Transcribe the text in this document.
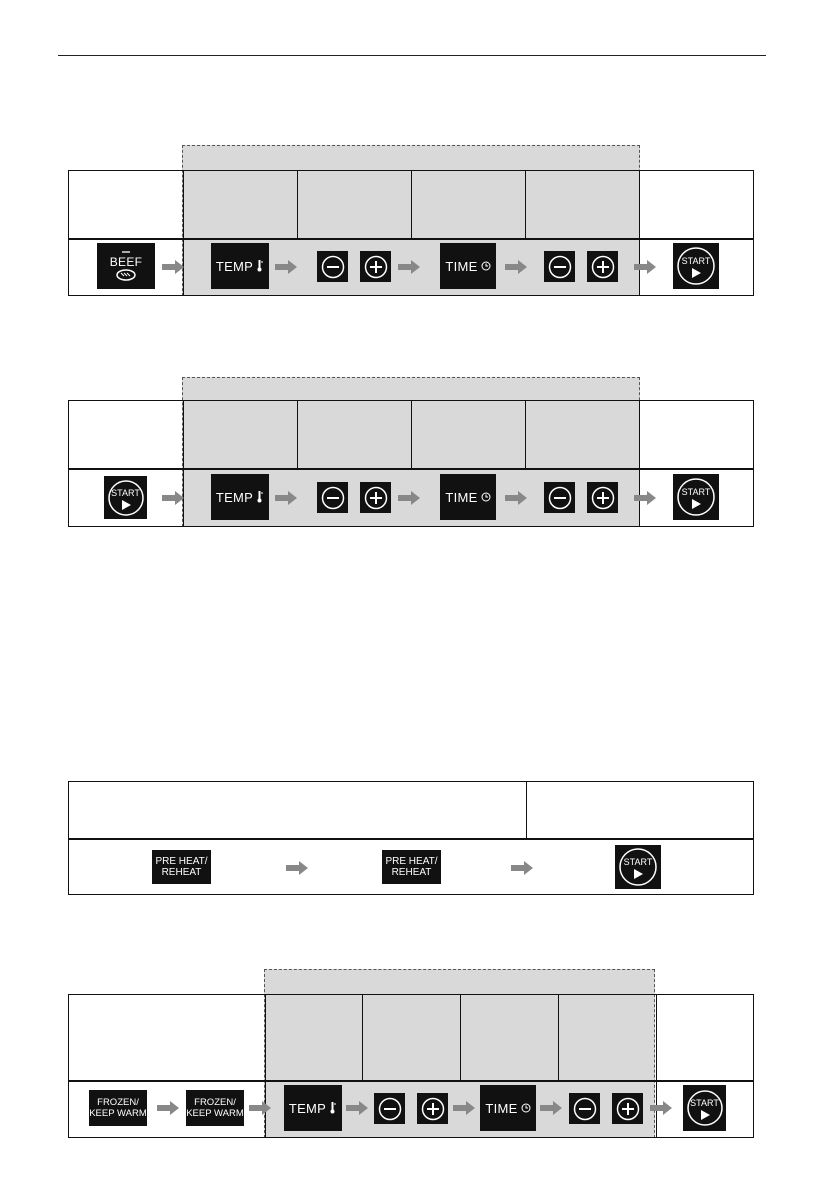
BEEF	TEMP	TIME	START
START	TEMP	TIME	START
PRE HEAT/
REHEAT
PRE HEAT/
REHEAT
START
FROZEN/
KEEP WARM
FROZEN/
KEEP WARM	TEMP	TIME	START
